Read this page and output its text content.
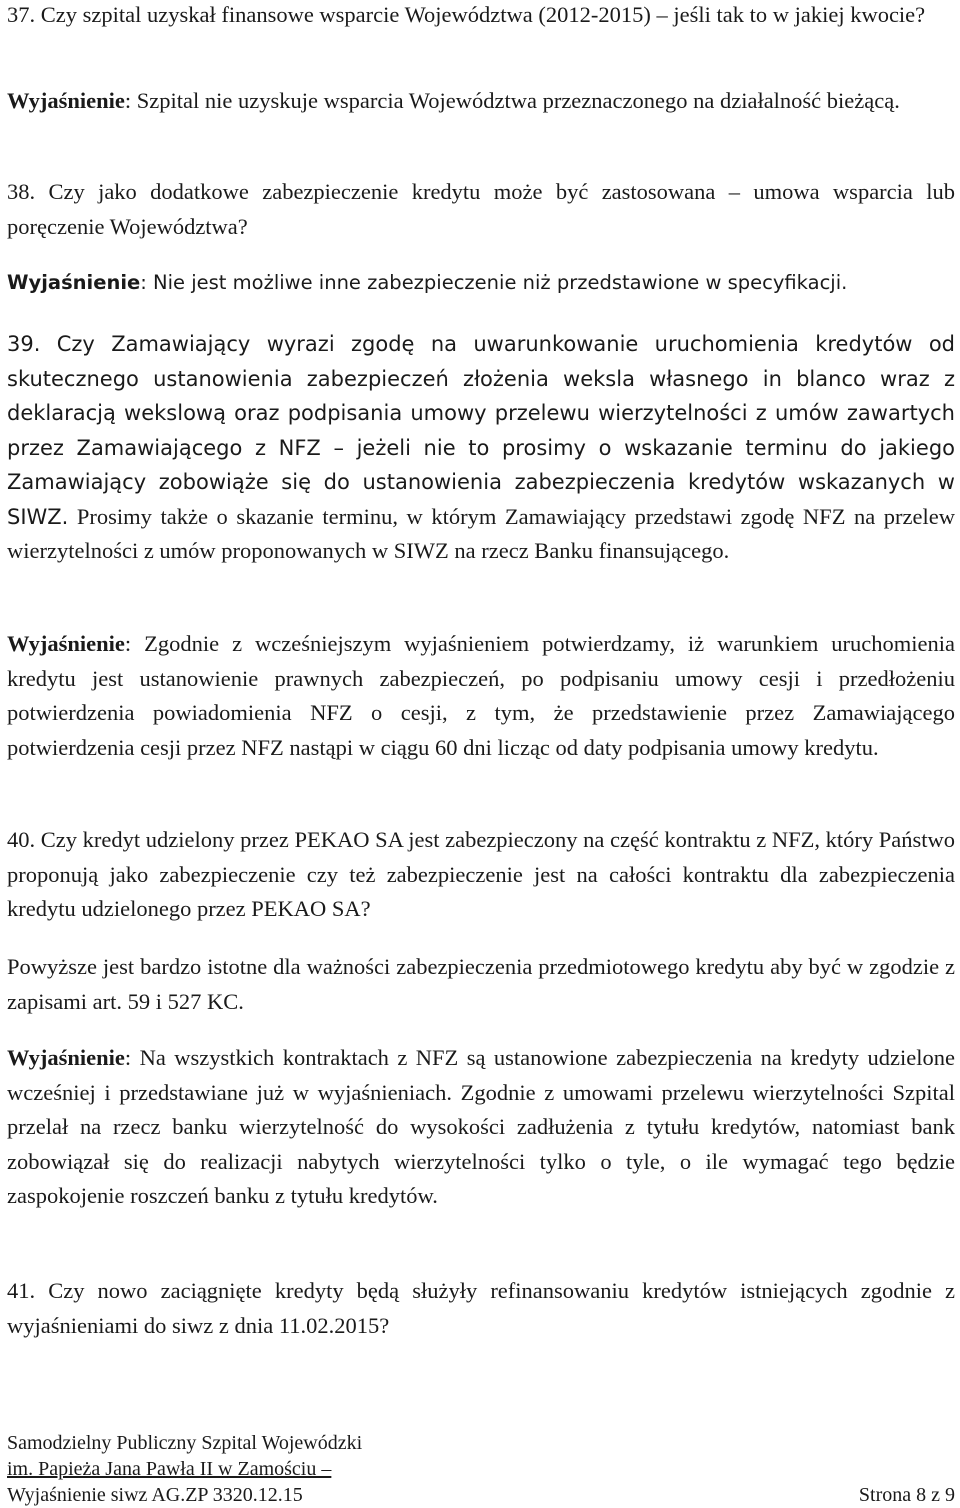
37. Czy szpital uzyskał finansowe wsparcie Województwa (2012-2015) – jeśli tak to w jakiej kwocie?

Wyjaśnienie: Szpital nie uzyskuje wsparcia Województwa przeznaczonego na działalność bieżącą.

38. Czy jako dodatkowe zabezpieczenie kredytu może być zastosowana – umowa wsparcia lub poręczenie Województwa?

Wyjaśnienie: Nie jest możliwe inne zabezpieczenie niż przedstawione w specyfikacji.

39. Czy Zamawiający wyrazi zgodę na uwarunkowanie uruchomienia kredytów od skutecznego ustanowienia zabezpieczeń złożenia weksla własnego in blanco wraz z deklaracją wekslową oraz podpisania umowy przelewu wierzytelności z umów zawartych przez Zamawiającego z NFZ – jeżeli nie to prosimy o wskazanie terminu do jakiego Zamawiający zobowiąże się do ustanowienia zabezpieczenia kredytów wskazanych w SIWZ. Prosimy także o skazanie terminu, w którym Zamawiający przedstawi zgodę NFZ na przelew wierzytelności z umów proponowanych w SIWZ na rzecz Banku finansującego.

Wyjaśnienie: Zgodnie z wcześniejszym wyjaśnieniem potwierdzamy, iż warunkiem uruchomienia kredytu jest ustanowienie prawnych zabezpieczeń, po podpisaniu umowy cesji i przedłożeniu potwierdzenia powiadomienia NFZ o cesji, z tym, że przedstawienie przez Zamawiającego potwierdzenia cesji przez NFZ nastąpi w ciągu 60 dni licząc od daty podpisania umowy kredytu.

40. Czy kredyt udzielony przez PEKAO SA jest zabezpieczony na część kontraktu z NFZ, który Państwo proponują jako zabezpieczenie czy też zabezpieczenie jest na całości kontraktu dla zabezpieczenia kredytu udzielonego przez PEKAO SA?

Powyższe jest bardzo istotne dla ważności zabezpieczenia przedmiotowego kredytu aby być w zgodzie z zapisami art. 59 i 527 KC.

Wyjaśnienie: Na wszystkich kontraktach z NFZ są ustanowione zabezpieczenia na kredyty udzielone wcześniej i przedstawiane już w wyjaśnieniach. Zgodnie z umowami przelewu wierzytelności Szpital przelał na rzecz banku wierzytelność do wysokości zadłużenia z tytułu kredytów, natomiast bank zobowiązał się do realizacji nabytych wierzytelności tylko o tyle, o ile wymagać tego będzie zaspokojenie roszczeń banku z tytułu kredytów.

41. Czy nowo zaciągnięte kredyty będą służyły refinansowaniu kredytów istniejących zgodnie z wyjaśnieniami do siwz z dnia 11.02.2015?

Samodzielny Publiczny Szpital Wojewódzki
im. Papieża Jana Pawła II w Zamościu –
Wyjaśnienie siwz AG.ZP 3320.12.15	Strona 8 z 9
